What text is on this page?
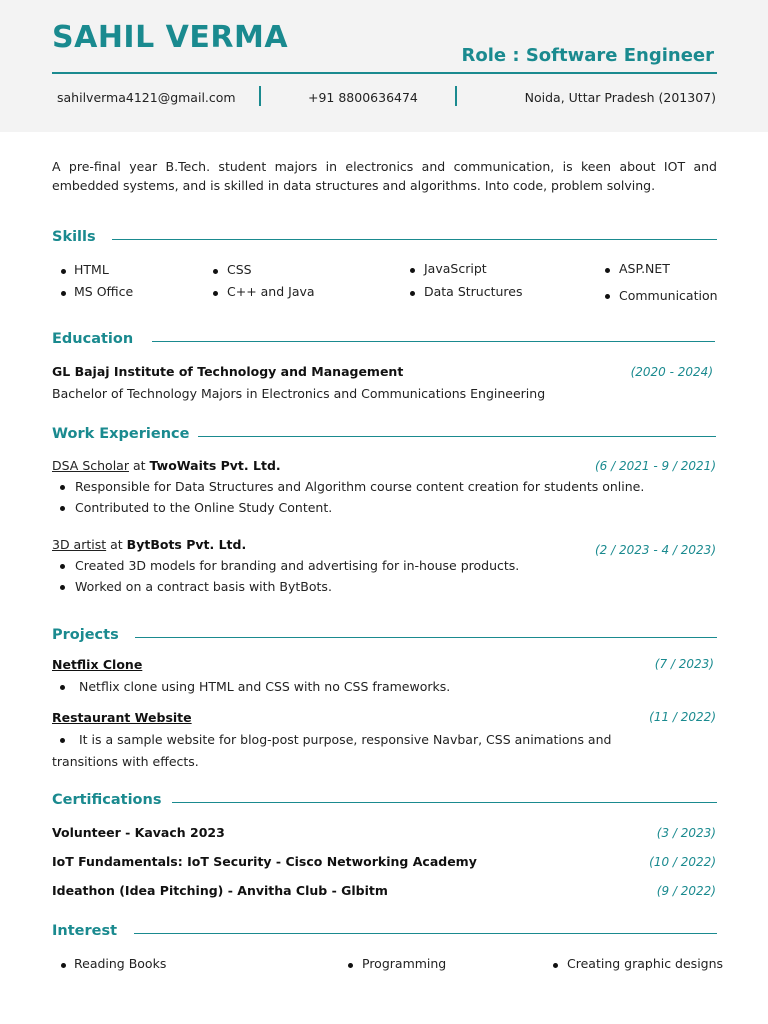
SAHIL VERMA
Role : Software Engineer
sahilverma4121@gmail.com	+91 8800636474	Noida, Uttar Pradesh (201307)
A pre-final year B.Tech. student majors in electronics and communication, is keen about IOT and embedded systems, and is skilled in data structures and algorithms. Into code, problem solving.
Skills
HTML	CSS	JavaScript	ASP.NET
MS Office	C++ and Java	Data Structures	Communication
Education
GL Bajaj Institute of Technology and Management	(2020 - 2024)
Bachelor of Technology Majors in Electronics and Communications Engineering
Work Experience
DSA Scholar at TwoWaits Pvt. Ltd.	(6 / 2021 - 9 / 2021)
Responsible for Data Structures and Algorithm course content creation for students online.
Contributed to the Online Study Content.
3D artist at BytBots Pvt. Ltd.	(2 / 2023 - 4 / 2023)
Created 3D models for branding and advertising for in-house products.
Worked on a contract basis with BytBots.
Projects
Netflix Clone	(7 / 2023)
Netflix clone using HTML and CSS with no CSS frameworks.
Restaurant Website	(11 / 2022)
It is a sample website for blog-post purpose, responsive Navbar, CSS animations and
transitions with effects.
Certifications
Volunteer - Kavach 2023	(3 / 2023)
IoT Fundamentals: IoT Security - Cisco Networking Academy	(10 / 2022)
Ideathon (Idea Pitching) - Anvitha Club - Glbitm	(9 / 2022)
Interest
Reading Books	Programming	Creating graphic designs
